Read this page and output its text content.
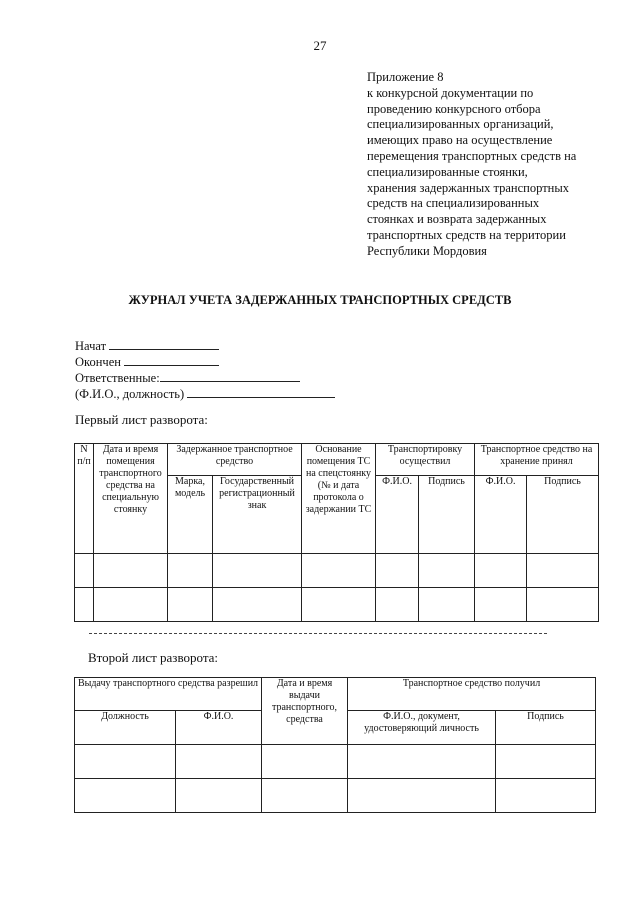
27
Приложение 8
к конкурсной документации по
проведению конкурсного отбора
специализированных организаций,
имеющих право на осуществление
перемещения транспортных средств на
специализированные стоянки,
хранения задержанных транспортных
средств на специализированных
стоянках и возврата задержанных
транспортных средств на территории
Республики Мордовия
ЖУРНАЛ УЧЕТА ЗАДЕРЖАННЫХ ТРАНСПОРТНЫХ СРЕДСТВ
Начат
Окончен
Ответственные:
(Ф.И.О., должность)
Первый лист разворота:
N п/п	Дата и время помещения транспортного средства на специальную стоянку	Задержанное транспортное средство		Основание помещения ТС на спецстоянку (№ и дата протокола о задержании ТС	Транспортировку осуществил		Транспортное средство на хранение принял	
		Марка, модель	Государственный регистрационный знак		Ф.И.О.	Подпись	Ф.И.О.	Подпись

Второй лист разворота:
Выдачу транспортного средства разрешил		Дата и время выдачи транспортного, средства	Транспортное средство получил	
Должность	Ф.И.О.		Ф.И.О., документ, удостоверяющий личность	Подпись
